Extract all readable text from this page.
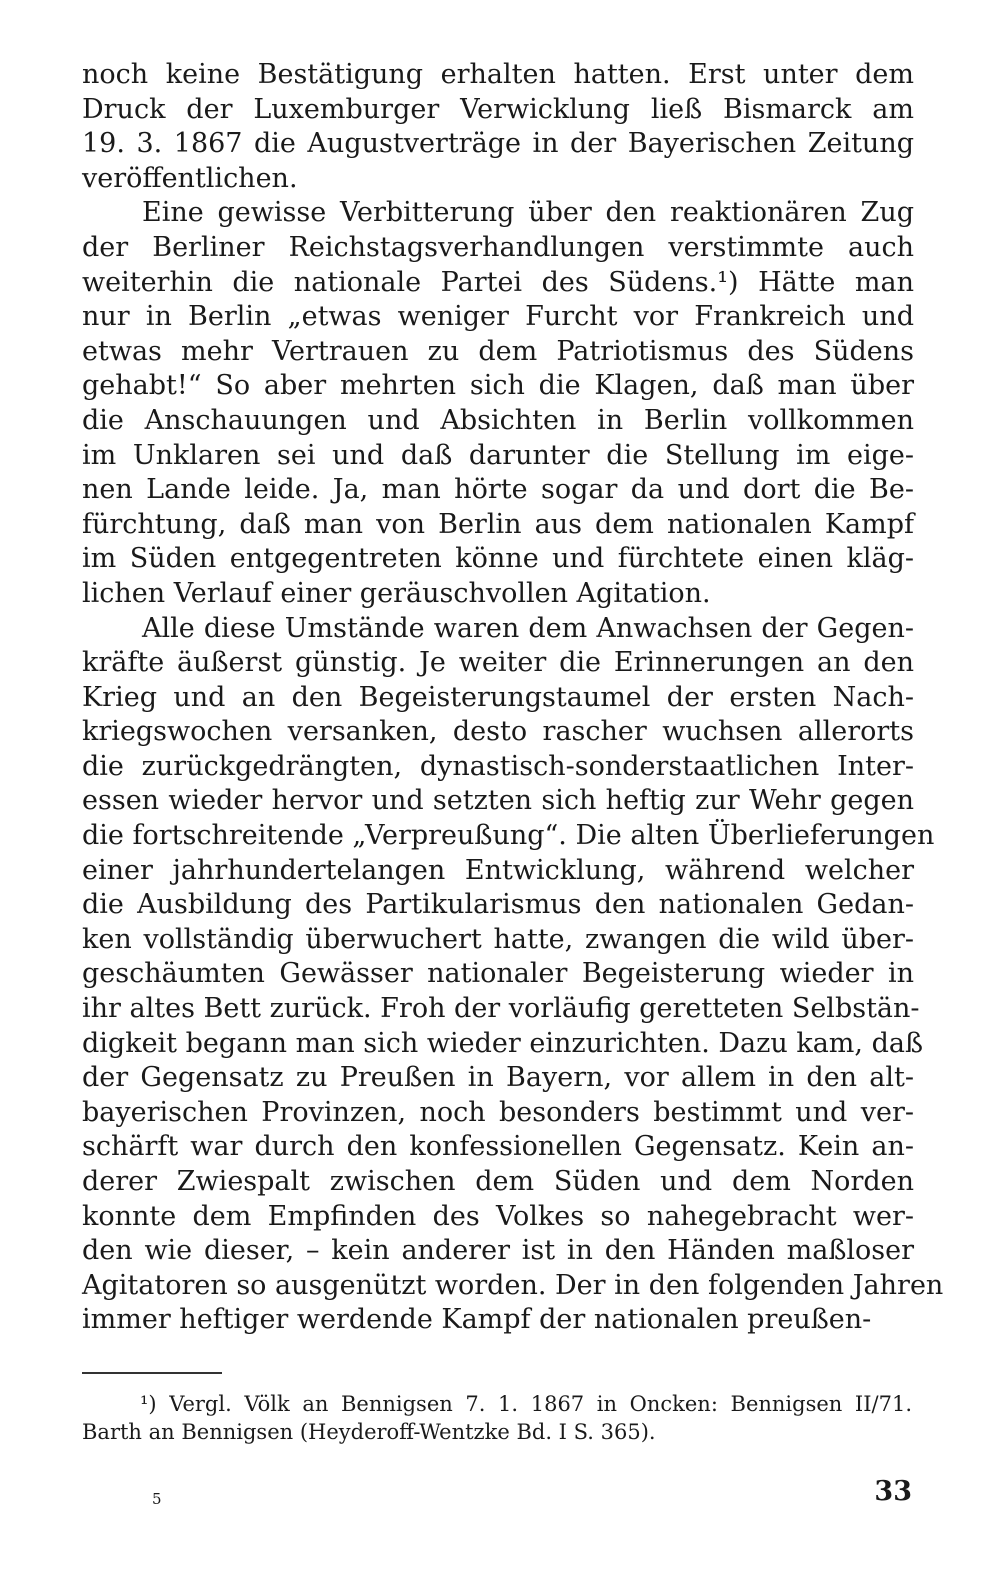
noch keine Bestätigung erhalten hatten. Erst unter dem
Druck der Luxemburger Verwicklung ließ Bismarck am
19. 3. 1867 die Augustverträge in der Bayerischen Zeitung
veröffentlichen.
Eine gewisse Verbitterung über den reaktionären Zug
der Berliner Reichstagsverhandlungen verstimmte auch
weiterhin die nationale Partei des Südens.¹) Hätte man
nur in Berlin „etwas weniger Furcht vor Frankreich und
etwas mehr Vertrauen zu dem Patriotismus des Südens
gehabt!“ So aber mehrten sich die Klagen, daß man über
die Anschauungen und Absichten in Berlin vollkommen
im Unklaren sei und daß darunter die Stellung im eige-
nen Lande leide. Ja, man hörte sogar da und dort die Be-
fürchtung, daß man von Berlin aus dem nationalen Kampf
im Süden entgegentreten könne und fürchtete einen kläg-
lichen Verlauf einer geräuschvollen Agitation.
Alle diese Umstände waren dem Anwachsen der Gegen-
kräfte äußerst günstig. Je weiter die Erinnerungen an den
Krieg und an den Begeisterungstaumel der ersten Nach-
kriegswochen versanken, desto rascher wuchsen allerorts
die zurückgedrängten, dynastisch-sonderstaatlichen Inter-
essen wieder hervor und setzten sich heftig zur Wehr gegen
die fortschreitende „Verpreußung“. Die alten Überlieferungen
einer jahrhundertelangen Entwicklung, während welcher
die Ausbildung des Partikularismus den nationalen Gedan-
ken vollständig überwuchert hatte, zwangen die wild über-
geschäumten Gewässer nationaler Begeisterung wieder in
ihr altes Bett zurück. Froh der vorläufig geretteten Selbstän-
digkeit begann man sich wieder einzurichten. Dazu kam, daß
der Gegensatz zu Preußen in Bayern, vor allem in den alt-
bayerischen Provinzen, noch besonders bestimmt und ver-
schärft war durch den konfessionellen Gegensatz. Kein an-
derer Zwiespalt zwischen dem Süden und dem Norden
konnte dem Empfinden des Volkes so nahegebracht wer-
den wie dieser, – kein anderer ist in den Händen maßloser
Agitatoren so ausgenützt worden. Der in den folgenden Jahren
immer heftiger werdende Kampf der nationalen preußen-
¹) Vergl. Völk an Bennigsen 7. 1. 1867 in Oncken: Bennigsen II/71.
Barth an Bennigsen (Heyderoff-Wentzke Bd. I S. 365).
5	33
